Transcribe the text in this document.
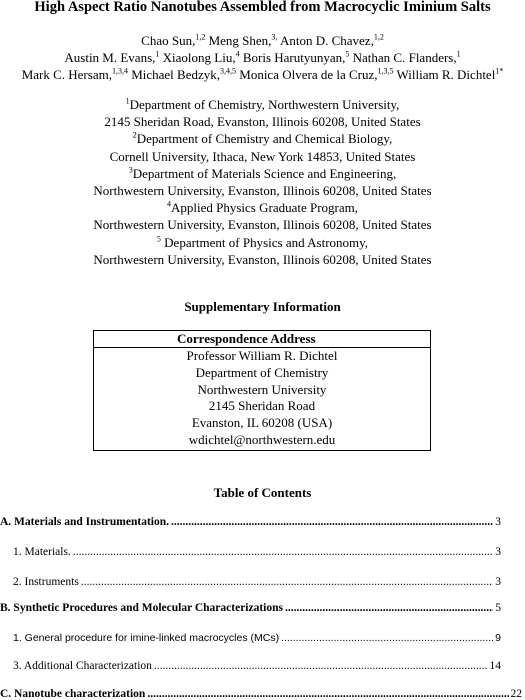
High Aspect Ratio Nanotubes Assembled from Macrocyclic Iminium Salts
Chao Sun,$^{1,2}$ Meng Shen,$^{3,}$ Anton D. Chavez,$^{1,2}$
Austin M. Evans,$^1$ Xiaolong Liu,$^4$ Boris Harutyunyan,$^5$ Nathan C. Flanders,$^1$
Mark C. Hersam,$^{1,3,4}$ Michael Bedzyk,$^{3,4,5}$ Monica Olvera de la Cruz,$^{1,3,5}$ William R. Dichtel$^{1*}$
$^1$Department of Chemistry, Northwestern University,
2145 Sheridan Road, Evanston, Illinois 60208, United States
$^2$Department of Chemistry and Chemical Biology,
Cornell University, Ithaca, New York 14853, United States
$^3$Department of Materials Science and Engineering,
Northwestern University, Evanston, Illinois 60208, United States
$^4$Applied Physics Graduate Program,
Northwestern University, Evanston, Illinois 60208, United States
$^5$ Department of Physics and Astronomy,
Northwestern University, Evanston, Illinois 60208, United States
Supplementary Information
Correspondence Address

Professor William R. Dichtel
Department of Chemistry
Northwestern University
2145 Sheridan Road
Evanston, IL 60208 (USA)
wdichtel@northwestern.edu
Table of Contents
A. Materials and Instrumentation. .....	3
1. Materials. .....	3
2. Instruments .....	3
B. Synthetic Procedures and Molecular Characterizations .....	5
1. General procedure for imine-linked macrocycles (MCs) .....	9
3. Additional Characterization .....	14
C. Nanotube characterization .....	22
